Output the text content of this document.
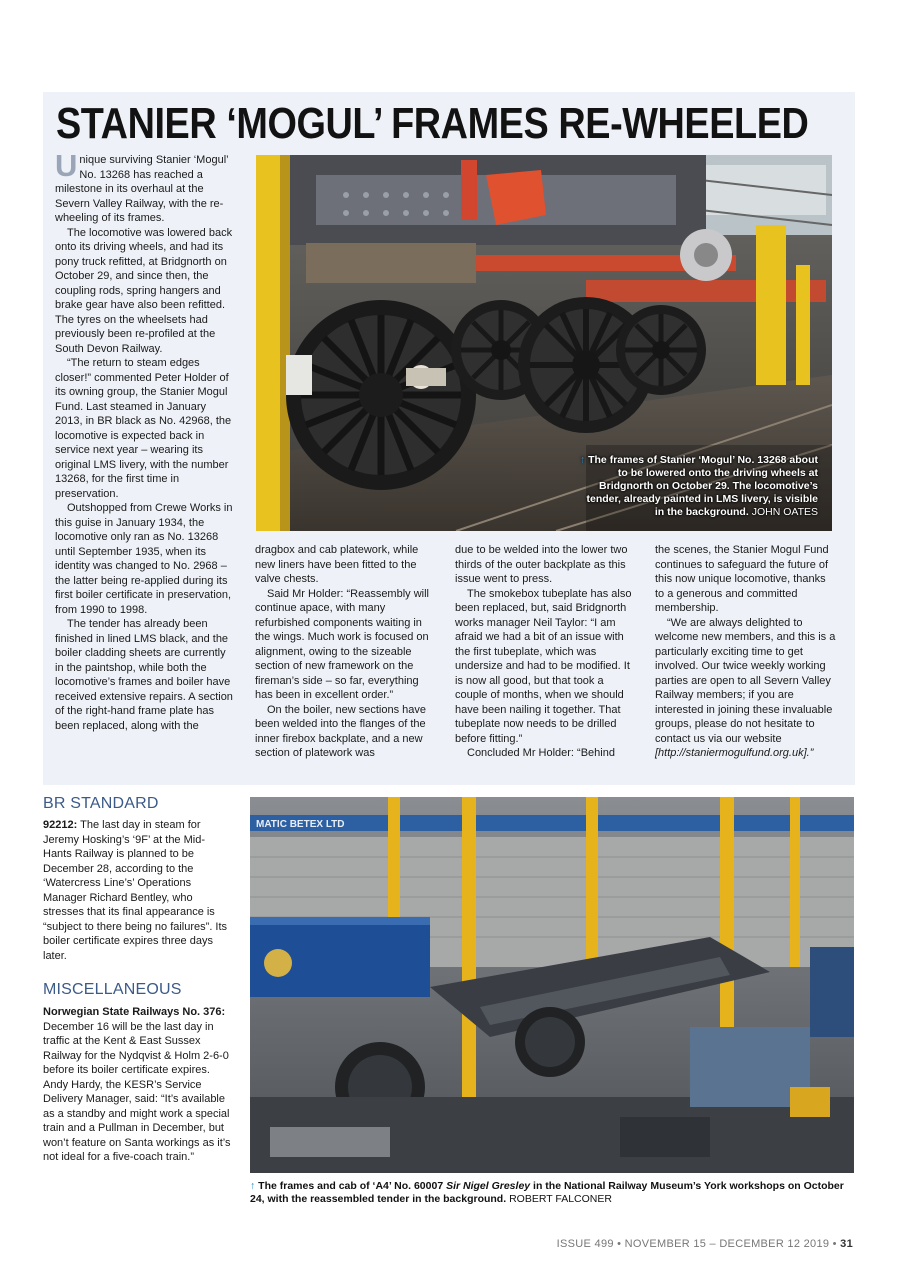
STANIER ‘MOGUL’ FRAMES RE-WHEELED

Unique surviving Stanier ‘Mogul’ No. 13268 has reached a milestone in its overhaul at the Severn Valley Railway, with the re-wheeling of its frames.

The locomotive was lowered back onto its driving wheels, and had its pony truck refitted, at Bridgnorth on October 29, and since then, the coupling rods, spring hangers and brake gear have also been refitted. The tyres on the wheelsets had previously been re-profiled at the South Devon Railway.

“The return to steam edges closer!” commented Peter Holder of its owning group, the Stanier Mogul Fund. Last steamed in January 2013, in BR black as No. 42968, the locomotive is expected back in service next year – wearing its original LMS livery, with the number 13268, for the first time in preservation.

Outshopped from Crewe Works in this guise in January 1934, the locomotive only ran as No. 13268 until September 1935, when its identity was changed to No. 2968 – the latter being re-applied during its first boiler certificate in preservation, from 1990 to 1998.

The tender has already been finished in lined LMS black, and the boiler cladding sheets are currently in the paintshop, while both the locomotive’s frames and boiler have received extensive repairs. A section of the right-hand frame plate has been replaced, along with the

↑ The frames of Stanier ‘Mogul’ No. 13268 about to be lowered onto the driving wheels at Bridgnorth on October 29. The locomotive’s tender, already painted in LMS livery, is visible in the background. JOHN OATES

dragbox and cab platework, while new liners have been fitted to the valve chests.

Said Mr Holder: “Reassembly will continue apace, with many refurbished components waiting in the wings. Much work is focused on alignment, owing to the sizeable section of new framework on the fireman’s side – so far, everything has been in excellent order.”

On the boiler, new sections have been welded into the flanges of the inner firebox backplate, and a new section of platework was

due to be welded into the lower two thirds of the outer backplate as this issue went to press.

The smokebox tubeplate has also been replaced, but, said Bridgnorth works manager Neil Taylor: “I am afraid we had a bit of an issue with the first tubeplate, which was undersize and had to be modified. It is now all good, but that took a couple of months, when we should have been nailing it together. That tubeplate now needs to be drilled before fitting.”

Concluded Mr Holder: “Behind

the scenes, the Stanier Mogul Fund continues to safeguard the future of this now unique locomotive, thanks to a generous and committed membership.

“We are always delighted to welcome new members, and this is a particularly exciting time to get involved. Our twice weekly working parties are open to all Severn Valley Railway members; if you are interested in joining these invaluable groups, please do not hesitate to contact us via our website [http://staniermogulfund.org.uk].”

BR STANDARD

92212: The last day in steam for Jeremy Hosking’s ‘9F’ at the Mid-Hants Railway is planned to be December 28, according to the ‘Watercress Line’s’ Operations Manager Richard Bentley, who stresses that its final appearance is “subject to there being no failures”. Its boiler certificate expires three days later.

MISCELLANEOUS

Norwegian State Railways No. 376: December 16 will be the last day in traffic at the Kent & East Sussex Railway for the Nydqvist & Holm 2-6-0 before its boiler certificate expires. Andy Hardy, the KESR’s Service Delivery Manager, said: “It’s available as a standby and might work a special train and a Pullman in December, but won’t feature on Santa workings as it’s not ideal for a five-coach train.”

MATIC BETEX LTD
↑ The frames and cab of ‘A4’ No. 60007 Sir Nigel Gresley in the National Railway Museum’s York workshops on October 24, with the reassembled tender in the background. ROBERT FALCONER
ISSUE 499 • NOVEMBER 15 – DECEMBER 12 2019 • 31
